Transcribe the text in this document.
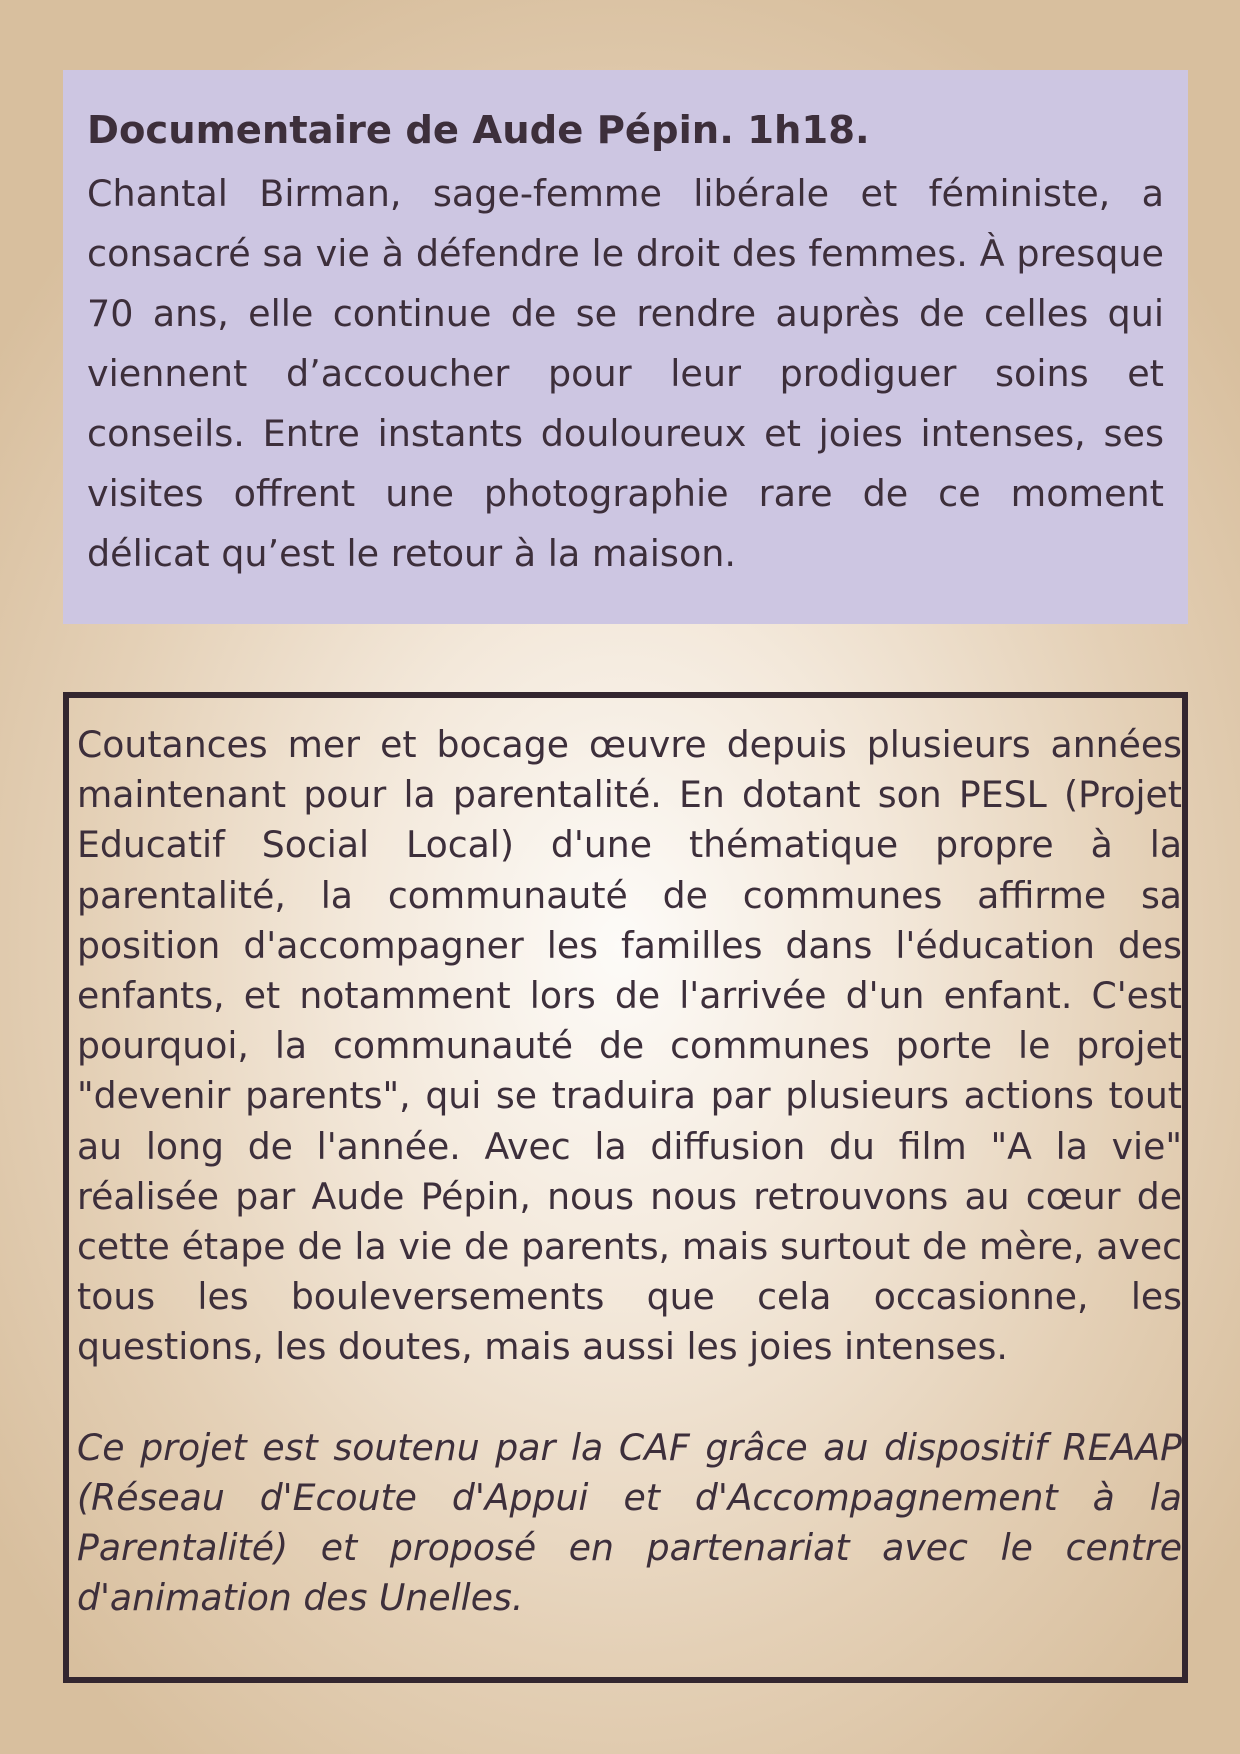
Documentaire de Aude Pépin. 1h18.

Chantal Birman, sage-femme libérale et féministe, a consacré sa vie à défendre le droit des femmes. À presque 70 ans, elle continue de se rendre auprès de celles qui viennent d’accoucher pour leur prodiguer soins et conseils. Entre instants douloureux et joies intenses, ses visites offrent une photographie rare de ce moment délicat qu’est le retour à la maison.

Coutances mer et bocage œuvre depuis plusieurs années maintenant pour la parentalité. En dotant son PESL (Projet Educatif Social Local) d'une thématique propre à la parentalité, la communauté de communes affirme sa position d'accompagner les familles dans l'éducation des enfants, et notamment lors de l'arrivée d'un enfant. C'est pourquoi, la communauté de communes porte le projet "devenir parents", qui se traduira par plusieurs actions tout au long de l'année. Avec la diffusion du film "A la vie" réalisée par Aude Pépin, nous nous retrouvons au cœur de cette étape de la vie de parents, mais surtout de mère, avec tous les bouleversements que cela occasionne, les questions, les doutes, mais aussi les joies intenses.

Ce projet est soutenu par la CAF grâce au dispositif REAAP (Réseau d'Ecoute d'Appui et d'Accompagnement à la Parentalité) et proposé en partenariat avec le centre d'animation des Unelles.
